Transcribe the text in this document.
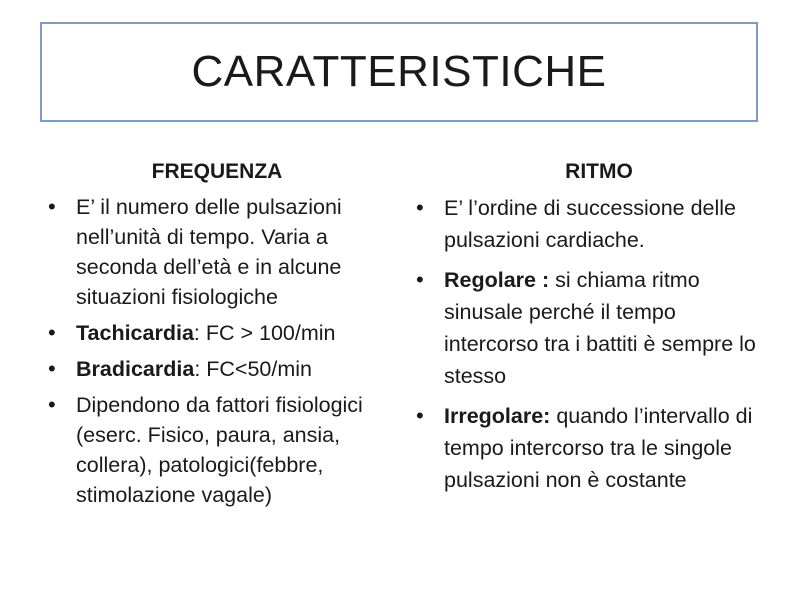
CARATTERISTICHE
FREQUENZA
• E’ il numero delle pulsazioni nell’unità di tempo. Varia a seconda dell’età e in alcune situazioni fisiologiche
• Tachicardia: FC > 100/min
• Bradicardia: FC<50/min
• Dipendono da fattori fisiologici (eserc. Fisico, paura, ansia, collera), patologici(febbre, stimolazione vagale)
RITMO
• E’ l’ordine di successione delle pulsazioni cardiache.
• Regolare : si chiama ritmo sinusale perché il tempo intercorso tra i battiti è sempre lo stesso
• Irregolare: quando l’intervallo di tempo intercorso tra le singole pulsazioni non è costante
